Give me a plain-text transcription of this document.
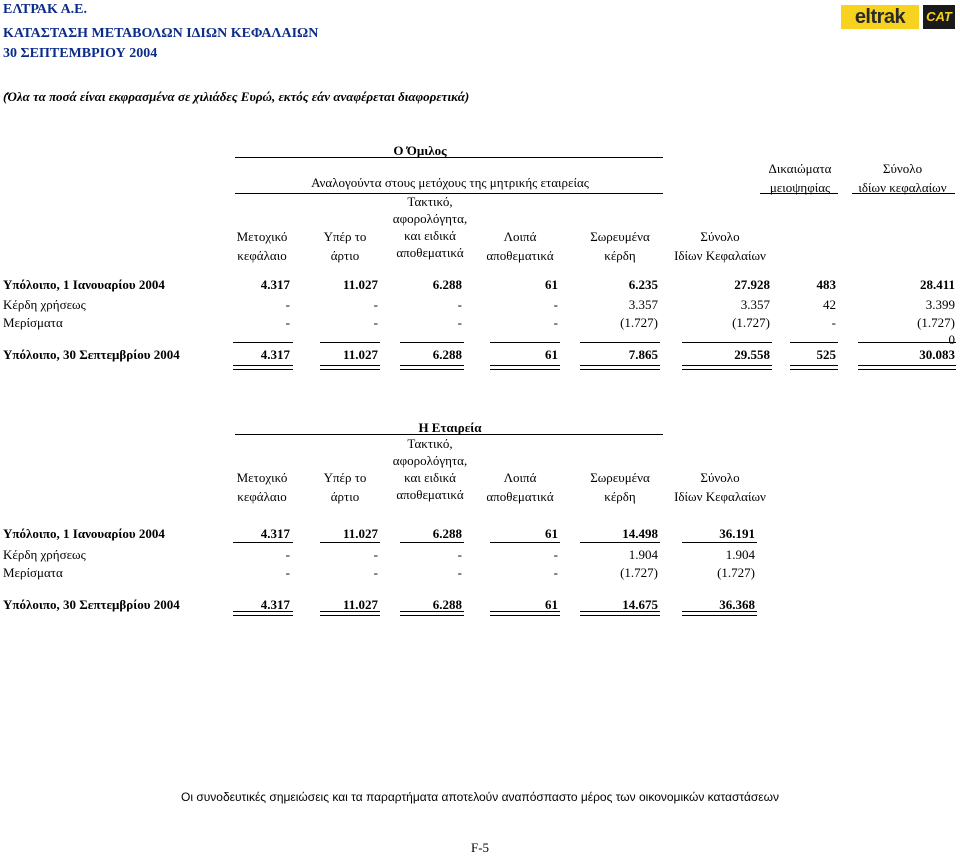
ΕΛΤΡΑΚ Α.Ε.
ΚΑΤΑΣΤΑΣΗ ΜΕΤΑΒΟΛΩΝ ΙΔΙΩΝ ΚΕΦΑΛΑΙΩΝ
30 ΣΕΠΤΕΜΒΡΙΟΥ 2004
(Όλα τα ποσά είναι εκφρασμένα σε χιλιάδες Ευρώ, εκτός εάν αναφέρεται διαφορετικά)
eltrak	CAT
Ο Όμιλος
Αναλογούντα στους μετόχους της μητρικής εταιρείας
Δικαιώματα
μειοψηφίας
Σύνολο
ιδίων κεφαλαίων
Μετοχικό
κεφάλαιο
Υπέρ το
άρτιο
Τακτικό,
αφορολόγητα,
και ειδικά
αποθεματικά
Λοιπά
αποθεματικά
Σωρευμένα
κέρδη
Σύνολο
Ιδίων Κεφαλαίων
Υπόλοιπο, 1 Ιανουαρίου 2004	4.317	11.027	6.288	61	6.235	27.928	483	28.411
Κέρδη χρήσεως	-	-	-	-	3.357	3.357	42	3.399
Μερίσματα	-	-	-	-	(1.727)	(1.727)	-	(1.727)
0
Υπόλοιπο, 30 Σεπτεμβρίου 2004	4.317	11.027	6.288	61	7.865	29.558	525	30.083
Η Εταιρεία
Μετοχικό
κεφάλαιο
Υπέρ το
άρτιο
Τακτικό,
αφορολόγητα,
και ειδικά
αποθεματικά
Λοιπά
αποθεματικά
Σωρευμένα
κέρδη
Σύνολο
Ιδίων Κεφαλαίων
Υπόλοιπο, 1 Ιανουαρίου 2004	4.317	11.027	6.288	61	14.498	36.191
Κέρδη χρήσεως	-	-	-	-	1.904	1.904
Μερίσματα	-	-	-	-	(1.727)	(1.727)
Υπόλοιπο, 30 Σεπτεμβρίου 2004	4.317	11.027	6.288	61	14.675	36.368
Οι συνοδευτικές σημειώσεις και τα παραρτήματα αποτελούν αναπόσπαστο μέρος των οικονομικών καταστάσεων
F-5
